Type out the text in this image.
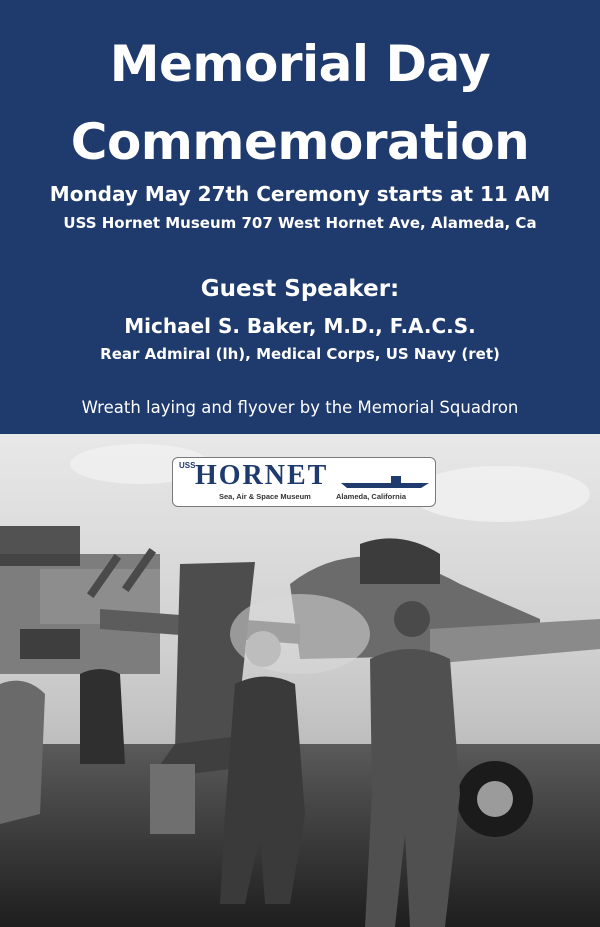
Memorial Day
Commemoration
Monday May 27th Ceremony starts at 11 AM
USS Hornet Museum 707 West Hornet Ave, Alameda, Ca
Guest Speaker:
Michael S. Baker, M.D., F.A.C.S.
Rear Admiral (lh), Medical Corps, US Navy (ret)
Wreath laying and flyover by the Memorial Squadron
USS HORNET
Sea, Air & Space Museum	Alameda, California
